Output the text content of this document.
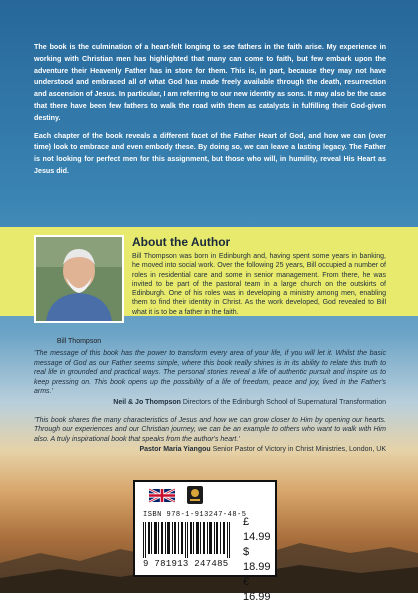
The book is the culmination of a heart-felt longing to see fathers in the faith arise. My experience in working with Christian men has highlighted that many can come to faith, but few embark upon the adventure their Heavenly Father has in store for them. This is, in part, because they may not have understood and embraced all of what God has made freely available through the death, resurrection and ascension of Jesus. In particular, I am referring to our new identity as sons. It may also be the case that there have been few fathers to walk the road with them as catalysts in fulfilling their God-given destiny.

Each chapter of the book reveals a different facet of the Father Heart of God, and how we can (over time) look to embrace and even embody these. By doing so, we can leave a lasting legacy. The Father is not looking for perfect men for this assignment, but those who will, in humility, reveal His Heart as Jesus did.

Bill Thompson
About the Author
Bill Thompson was born in Edinburgh and, having spent some years in banking, he moved into social work. Over the following 25 years, Bill occupied a number of roles in residential care and some in senior management. From there, he was invited to be part of the pastoral team in a large church on the outskirts of Edinburgh. One of his roles was in developing a ministry among men, enabling them to find their identity in Christ. As the work developed, God revealed to Bill what it is to be a father in the faith.

'The message of this book has the power to transform every area of your life, if you will let it. Whilst the basic message of God as our Father seems simple, where this book really shines is in its ability to relate this truth to real life in grounded and practical ways. The personal stories reveal a life of authentic pursuit and inspire us to keep pressing on. This book opens up the possibility of a life of freedom, peace and joy, lived in the Father's arms.'

Neil & Jo Thompson Directors of the Edinburgh School of Supernatural Transformation

'This book shares the many characteristics of Jesus and how we can grow closer to Him by opening our hearts. Through our experiences and our Christian journey, we can be an example to others who want to walk with Him also. A truly inspirational book that speaks from the author's heart.'

Pastor Maria Yiangou Senior Pastor of Victory in Christ Ministries, London, UK

ISBN 978-1-913247-48-5
9 781913 247485
£ 14.99
$ 18.99
€ 16.99
